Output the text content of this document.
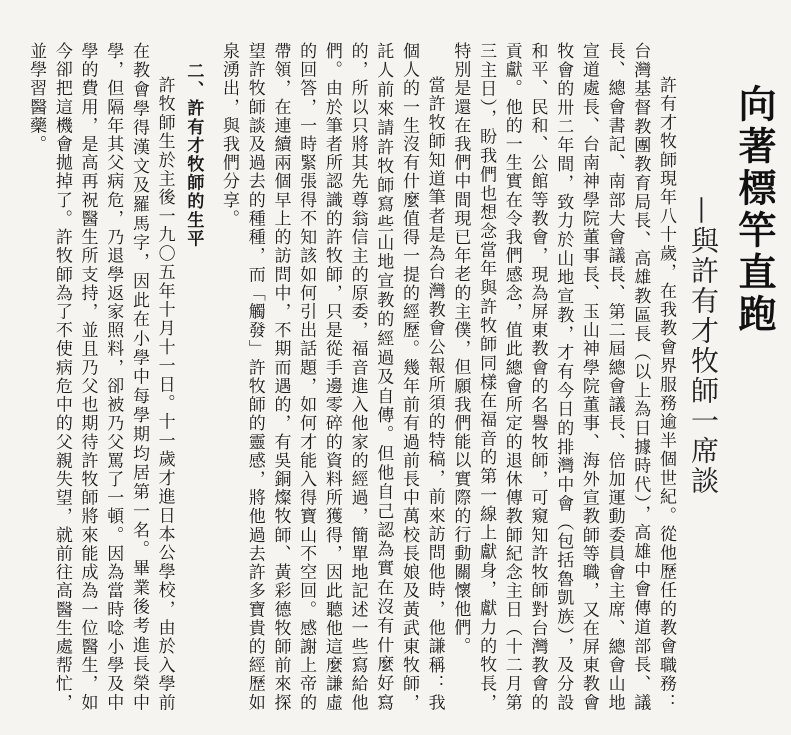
向著標竿直跑
—與許有才牧師一席談

許有才牧師現年八十歲，在我教會界服務逾半個世紀。從他歷任的教會職務：台灣基督教團教育局長、高雄教區長（以上為日據時代），高雄中會傳道部長、議長、總會書記、南部大會議長、第二屆總會議長、倍加運動委員會主席、總會山地宣道處長、台南神學院董事長、玉山神學院董事、海外宣教師等職，又在屏東教會牧會的卅二年間，致力於山地宣教，才有今日的排灣中會（包括魯凱族），及分設和平、民和、公館等教會，現為屏東教會的名譽牧師，可窺知許牧師對台灣教會的貢獻。他的一生實在令我們感念，值此總會所定的退休傳教師紀念主日（十二月第三主日），盼我們也想念當年與許牧師同樣在福音的第一線上獻身，獻力的牧長，特別是還在我們中間現已年老的主僕，但願我們能以實際的行動關懷他們。

當許牧師知道筆者是為台灣教會公報所須的特稿，前來訪問他時，他謙稱：我個人的一生沒有什麼值得一提的經歷。幾年前有過前長中萬校長娘及黃武東牧師，託人前來請許牧師寫些山地宣教的經過及自傳。但他自己認為實在沒有什麼好寫的，所以只將其先尊翁信主的原委，福音進入他家的經過，簡單地記述一些寫給他們。由於筆者所認識的許牧師，只是從手邊零碎的資料所獲得，因此聽他這麼謙虛的回答，一時緊張得不知該如何引出話題，如何才能入得寶山不空回。感謝上帝的帶領，在連續兩個早上的訪問中，不期而遇的，有吳銅燦牧師、黃彩德牧師前來探望許牧師談及過去的種種，而「觸發」許牧師的靈感，將他過去許多寶貴的經歷如泉湧出，與我們分享。

二、許有才牧師的生平

許牧師生於主後一九〇五年十月十一日。十一歲才進日本公學校，由於入學前在教會學得漢文及羅馬字，因此在小學中每學期均居第一名。畢業後考進長榮中學，但隔年其父病危，乃退學返家照料，卻被乃父罵了一頓。因為當時唸小學及中學的費用，是高再祝醫生所支持，並且乃父也期待許牧師將來能成為一位醫生，如今卻把這機會拋掉了。許牧師為了不使病危中的父親失望，就前往高醫生處帮忙，並學習醫藥。
